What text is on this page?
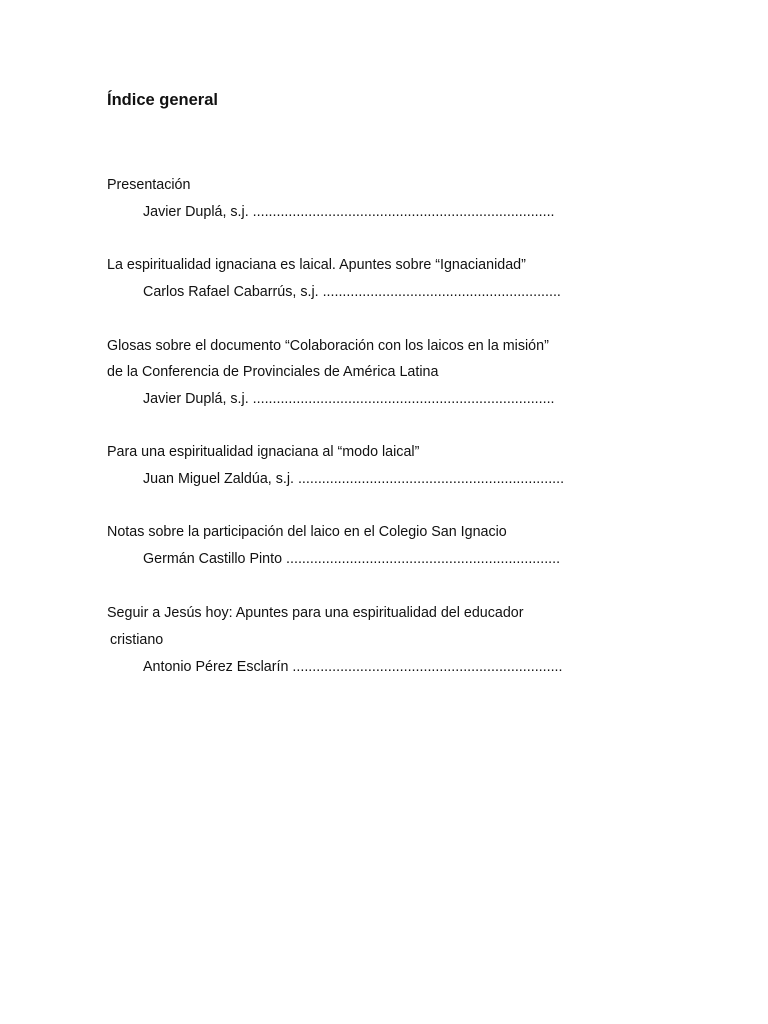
Índice general
Presentación
Javier Duplá, s.j. ............................................................................
La espiritualidad ignaciana es laical. Apuntes sobre “Ignacianidad”
Carlos Rafael Cabarrús, s.j. ............................................................
Glosas sobre el documento “Colaboración con los laicos en la misión”
de la Conferencia de Provinciales de América Latina
Javier Duplá, s.j. ............................................................................
Para una espiritualidad ignaciana al “modo laical”
Juan Miguel Zaldúa, s.j. ...................................................................
Notas sobre la participación del laico en el Colegio San Ignacio
Germán Castillo Pinto .....................................................................
Seguir a Jesús hoy: Apuntes para una espiritualidad del educador
cristiano
Antonio Pérez Esclarín ....................................................................
